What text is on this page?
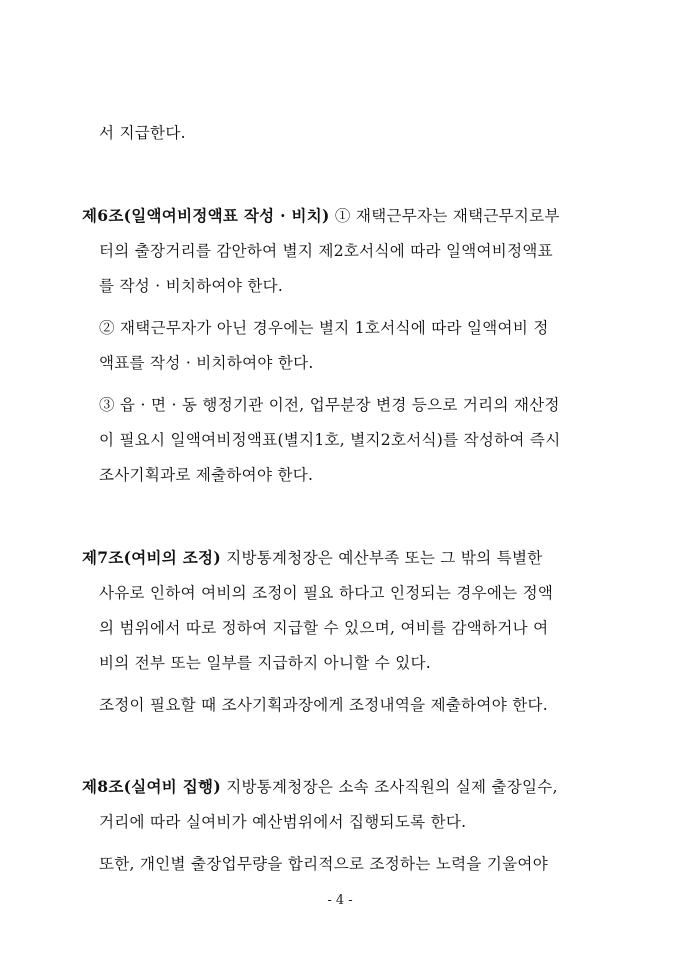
서 지급한다.
제6조(일액여비정액표 작성 · 비치) ① 재택근무자는 재택근무지로부
터의 출장거리를 감안하여 별지 제2호서식에 따라 일액여비정액표
를 작성 · 비치하여야 한다.
② 재택근무자가 아닌 경우에는 별지 1호서식에 따라 일액여비 정
액표를 작성 · 비치하여야 한다.
③ 읍 · 면 · 동 행정기관 이전, 업무분장 변경 등으로 거리의 재산정
이 필요시 일액여비정액표(별지1호, 별지2호서식)를 작성하여 즉시
조사기획과로 제출하여야 한다.
제7조(여비의 조정) 지방통계청장은 예산부족 또는 그 밖의 특별한
사유로 인하여 여비의 조정이 필요 하다고 인정되는 경우에는 정액
의 범위에서 따로 정하여 지급할 수 있으며, 여비를 감액하거나 여
비의 전부 또는 일부를 지급하지 아니할 수 있다.
조정이 필요할 때 조사기획과장에게 조정내역을 제출하여야 한다.
제8조(실여비 집행) 지방통계청장은 소속 조사직원의 실제 출장일수,
거리에 따라 실여비가 예산범위에서 집행되도록 한다.
또한, 개인별 출장업무량을 합리적으로 조정하는 노력을 기울여야
- 4 -
